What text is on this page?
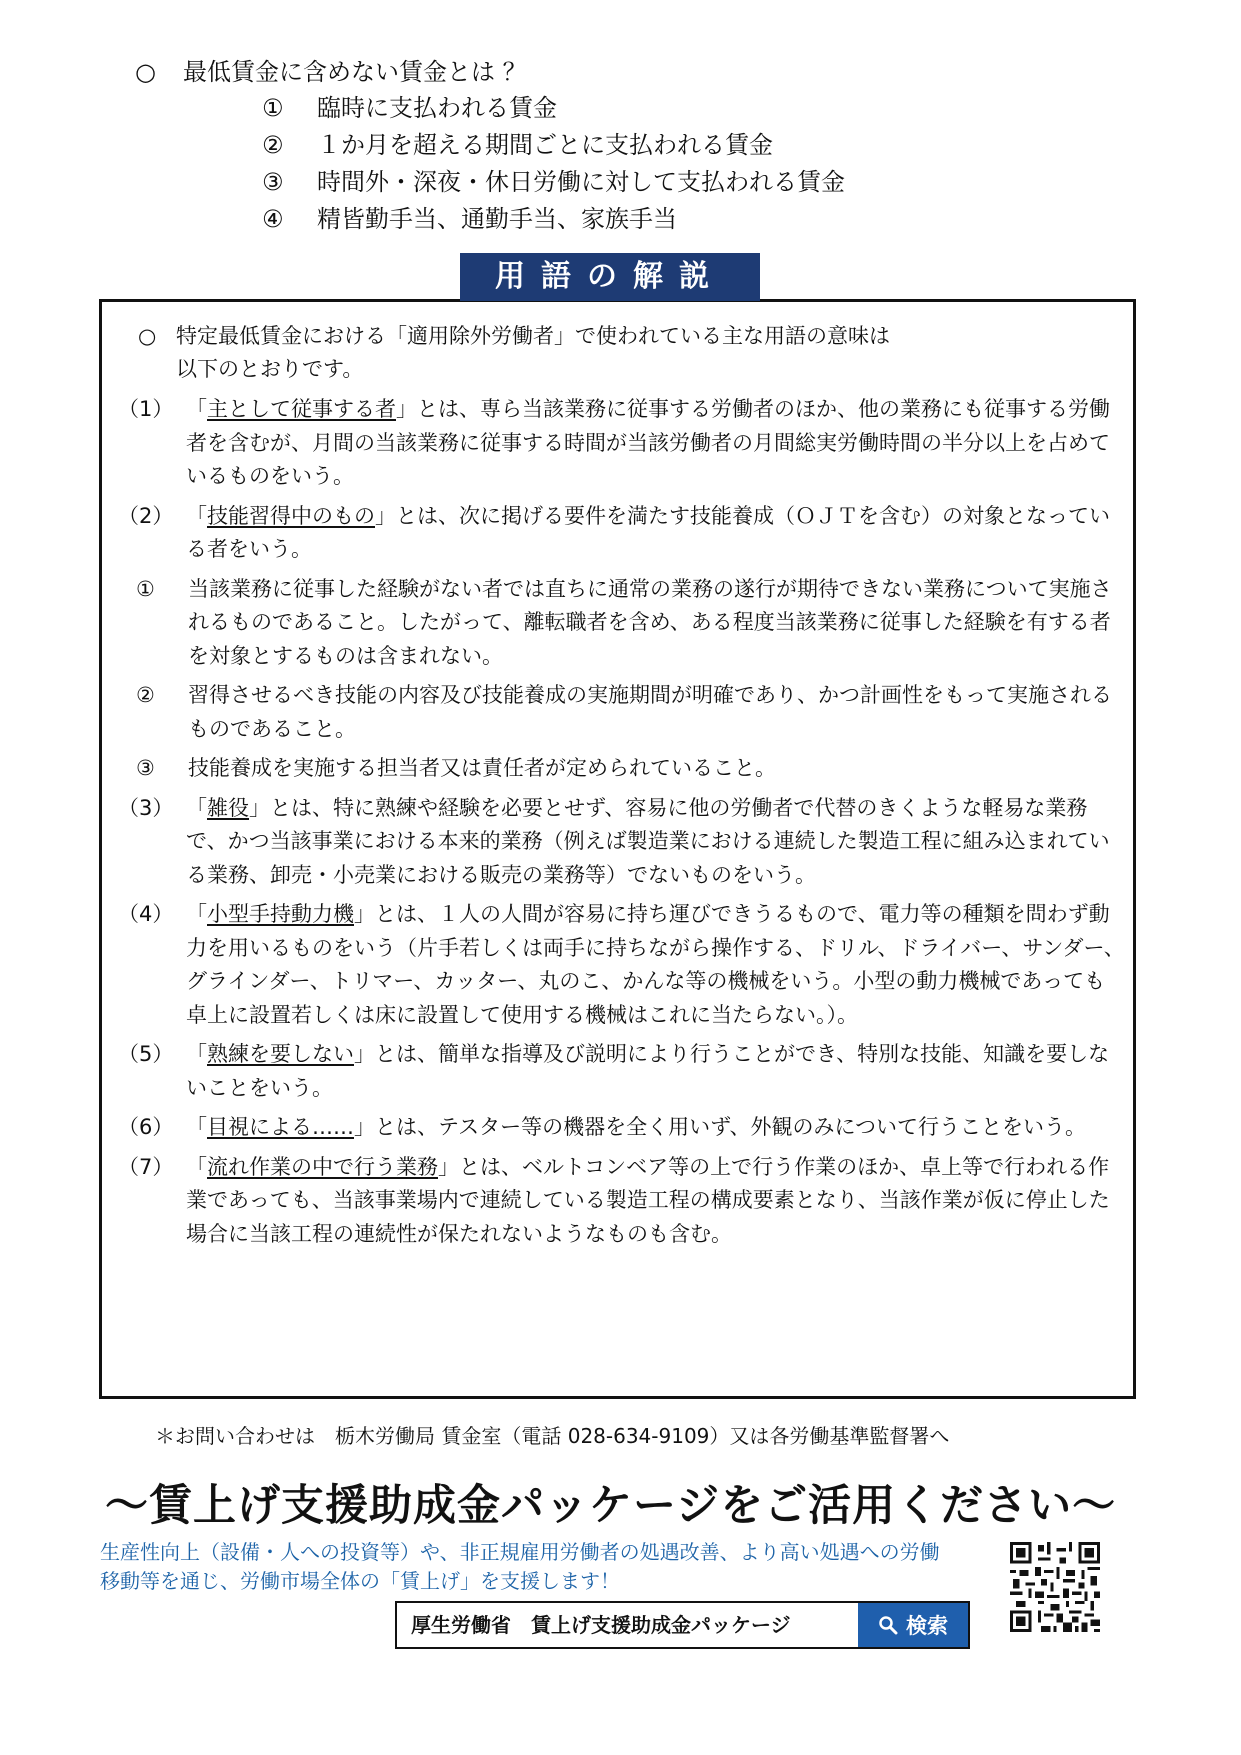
○ 最低賃金に含めない賃金とは ？
① 臨時に支払われる賃金
② １か月を超える期間ごとに支払われる賃金
③ 時間外・深夜・休日労働に対して支払われる賃金
④ 精皆勤手当、通勤手当、家族手当
用語の解説
○ 特定最低賃金における「適用除外労働者」で使われている主な用語の意味は
以下のとおりです。
（1） 「主として従事する者」とは、専ら当該業務に従事する労働者のほか、他の業務にも従事する労働者を含むが、月間の当該業務に従事する時間が当該労働者の月間総実労働時間の半分以上を占めているものをいう。
（2） 「技能習得中のもの」とは、次に掲げる要件を満たす技能養成（ＯＪＴを含む）の対象となっている者をいう。
①	当該業務に従事した経験がない者では直ちに通常の業務の遂行が期待できない業務について実施されるものであること。したがって、離転職者を含め、ある程度当該業務に従事した経験を有する者を対象とするものは含まれない。
②	習得させるべき技能の内容及び技能養成の実施期間が明確であり、かつ計画性をもって実施されるものであること。
③	技能養成を実施する担当者又は責任者が定められていること。
（3） 「雑役」とは、特に熟練や経験を必要とせず、容易に他の労働者で代替のきくような軽易な業務で、かつ当該事業における本来的業務（例えば製造業における連続した製造工程に組み込まれている業務、卸売・小売業における販売の業務等）でないものをいう。
（4） 「小型手持動力機」とは、１人の人間が容易に持ち運びできうるもので、電力等の種類を問わず動力を用いるものをいう（片手若しくは両手に持ちながら操作する、ドリル、ドライバー、サンダー、グラインダー、トリマー、カッター、丸のこ、かんな等の機械をいう。小型の動力機械であっても卓上に設置若しくは床に設置して使用する機械はこれに当たらない。）。
（5） 「熟練を要しない」とは、簡単な指導及び説明により行うことができ、特別な技能、知識を要しないことをいう。
（6） 「目視による……」とは、テスター等の機器を全く用いず、外観のみについて行うことをいう。
（7） 「流れ作業の中で行う業務」とは、ベルトコンベア等の上で行う作業のほか、卓上等で行われる作業であっても、当該事業場内で連続している製造工程の構成要素となり、当該作業が仮に停止した場合に当該工程の連続性が保たれないようなものも含む。
＊お問い合わせは　栃木労働局 賃金室（電話 028-634-9109）又は各労働基準監督署へ
～賃上げ支援助成金パッケージをご活用ください～
生産性向上（設備・人への投資等）や、非正規雇用労働者の処遇改善、より高い処遇への労働
移動等を通じ、労働市場全体の「賃上げ」を支援します！
厚生労働省　賃上げ支援助成金パッケージ	検索
